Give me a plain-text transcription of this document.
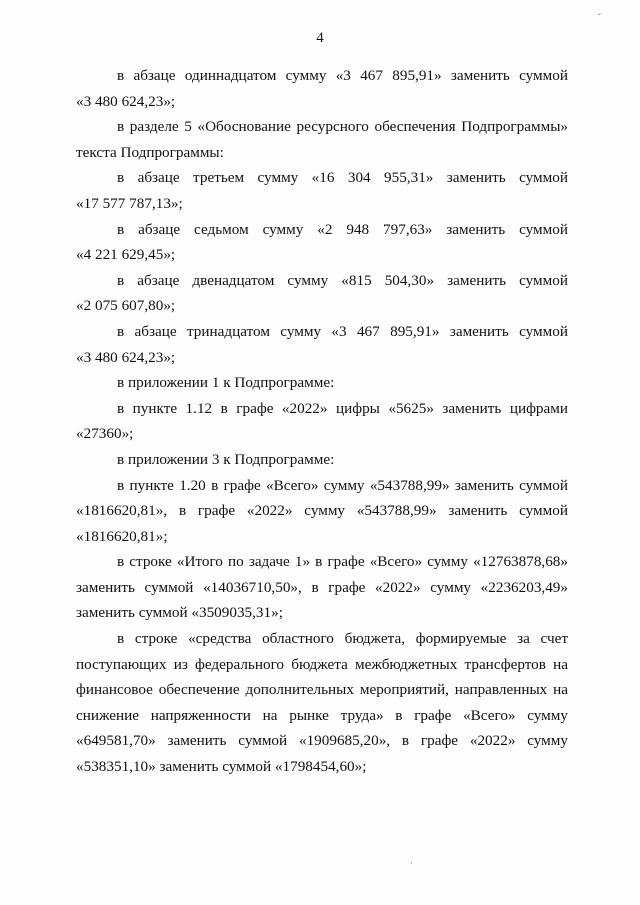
4

в абзаце одиннадцатом сумму «3 467 895,91» заменить суммой
«3 480 624,23»;

в разделе 5 «Обоснование ресурсного обеспечения Подпрограммы»
текста Подпрограммы:

в абзаце третьем сумму «16 304 955,31» заменить суммой
«17 577 787,13»;

в абзаце седьмом сумму «2 948 797,63» заменить суммой
«4 221 629,45»;

в абзаце двенадцатом сумму «815 504,30» заменить суммой
«2 075 607,80»;

в абзаце тринадцатом сумму «3 467 895,91» заменить суммой
«3 480 624,23»;

в приложении 1 к Подпрограмме:

в пункте 1.12 в графе «2022» цифры «5625» заменить цифрами
«27360»;

в приложении 3 к Подпрограмме:

в пункте 1.20 в графе «Всего» сумму «543788,99» заменить суммой
«1816620,81», в графе «2022» сумму «543788,99» заменить суммой
«1816620,81»;

в строке «Итого по задаче 1» в графе «Всего» сумму «12763878,68»
заменить суммой «14036710,50», в графе «2022» сумму «2236203,49»
заменить суммой «3509035,31»;

в строке «средства областного бюджета, формируемые за счет
поступающих из федерального бюджета межбюджетных трансфертов на
финансовое обеспечение дополнительных мероприятий, направленных на
снижение напряженности на рынке труда» в графе «Всего» сумму
«649581,70» заменить суммой «1909685,20», в графе «2022» сумму
«538351,10» заменить суммой «1798454,60»;

ˇ
·
